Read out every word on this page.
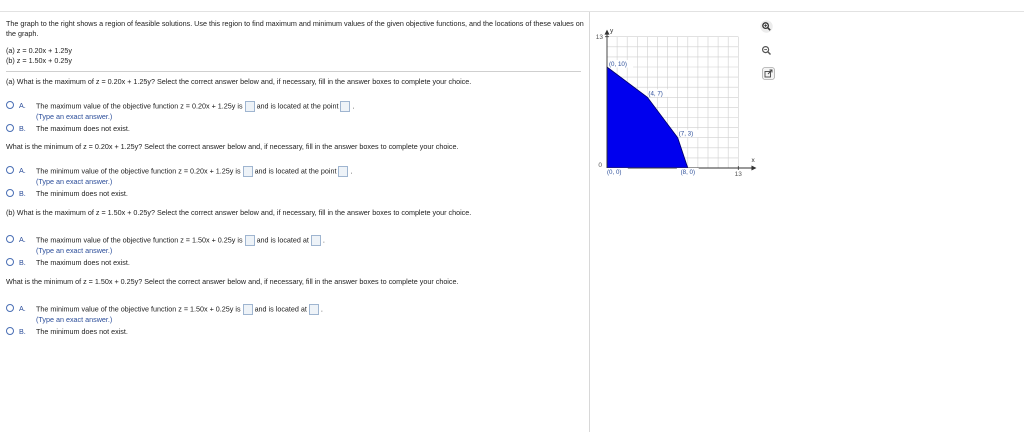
The graph to the right shows a region of feasible solutions. Use this region to find maximum and minimum values of the given objective functions, and the locations of these values on the graph.

(a) z = 0.20x + 1.25y
(b) z = 1.50x + 0.25y

(a) What is the maximum of z = 0.20x + 1.25y? Select the correct answer below and, if necessary, fill in the answer boxes to complete your choice.

A. The maximum value of the objective function z = 0.20x + 1.25y is and is located at the point .
(Type an exact answer.)
B. The maximum does not exist.

What is the minimum of z = 0.20x + 1.25y? Select the correct answer below and, if necessary, fill in the answer boxes to complete your choice.

A. The minimum value of the objective function z = 0.20x + 1.25y is and is located at the point .
(Type an exact answer.)
B. The minimum does not exist.

(b) What is the maximum of z = 1.50x + 0.25y? Select the correct answer below and, if necessary, fill in the answer boxes to complete your choice.

A. The maximum value of the objective function z = 1.50x + 0.25y is and is located at .
(Type an exact answer.)
B. The maximum does not exist.

What is the minimum of z = 1.50x + 0.25y? Select the correct answer below and, if necessary, fill in the answer boxes to complete your choice.

A. The minimum value of the objective function z = 1.50x + 0.25y is and is located at .
(Type an exact answer.)
B. The minimum does not exist.
y
x
13
13
0
(0, 10)
(4, 7)
(7, 3)
(8, 0)
(0, 0)
